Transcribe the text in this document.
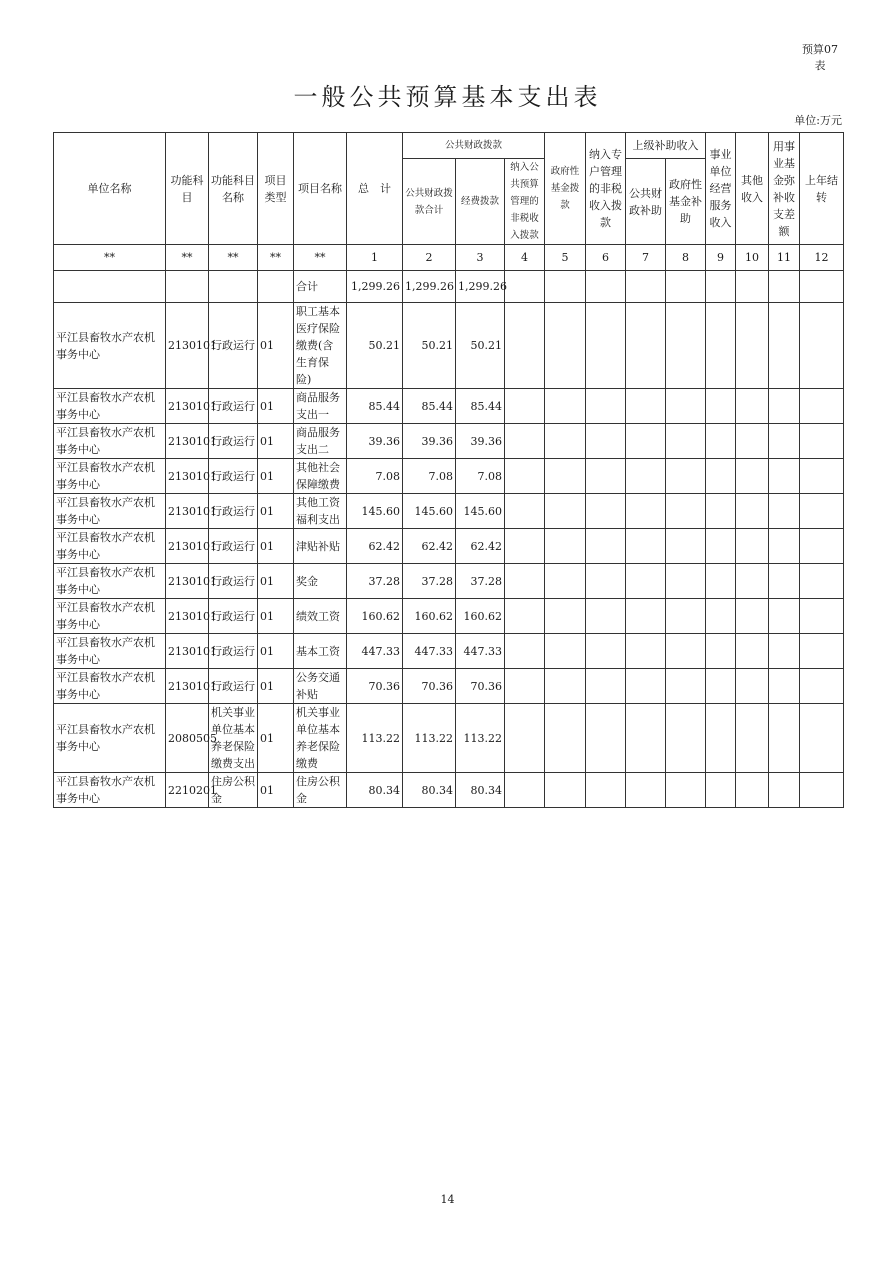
预算07
表
一般公共预算基本支出表
单位:万元
单位名称	功能科目	功能科目名称	项目类型	项目名称	总　计	公共财政拨款			政府性基金拨款	纳入专户管理的非税收入拨款	上级补助收入		事业单位经营服务收入	其他收入	用事业基金弥补收支差额	上年结转
						公共财政拨款合计	经费拨款	纳入公共预算管理的非税收入拨款			公共财政补助	政府性基金补助				
**	**	**	**	**	1	2	3	4	5	6	7	8	9	10	11	12
				合计	1,299.26	1,299.26	1,299.26									
平江县畜牧水产农机事务中心	2130101	行政运行	01	职工基本医疗保险缴费(含生育保险)	50.21	50.21	50.21									
平江县畜牧水产农机事务中心	2130101	行政运行	01	商品服务支出一	85.44	85.44	85.44									
平江县畜牧水产农机事务中心	2130101	行政运行	01	商品服务支出二	39.36	39.36	39.36									
平江县畜牧水产农机事务中心	2130101	行政运行	01	其他社会保障缴费	7.08	7.08	7.08									
平江县畜牧水产农机事务中心	2130101	行政运行	01	其他工资福利支出	145.60	145.60	145.60									
平江县畜牧水产农机事务中心	2130101	行政运行	01	津贴补贴	62.42	62.42	62.42									
平江县畜牧水产农机事务中心	2130101	行政运行	01	奖金	37.28	37.28	37.28									
平江县畜牧水产农机事务中心	2130101	行政运行	01	绩效工资	160.62	160.62	160.62									
平江县畜牧水产农机事务中心	2130101	行政运行	01	基本工资	447.33	447.33	447.33									
平江县畜牧水产农机事务中心	2130101	行政运行	01	公务交通补贴	70.36	70.36	70.36									
平江县畜牧水产农机事务中心	2080505	机关事业单位基本养老保险缴费支出	01	机关事业单位基本养老保险缴费	113.22	113.22	113.22									
平江县畜牧水产农机事务中心	2210201	住房公积金	01	住房公积金	80.34	80.34	80.34									
14
